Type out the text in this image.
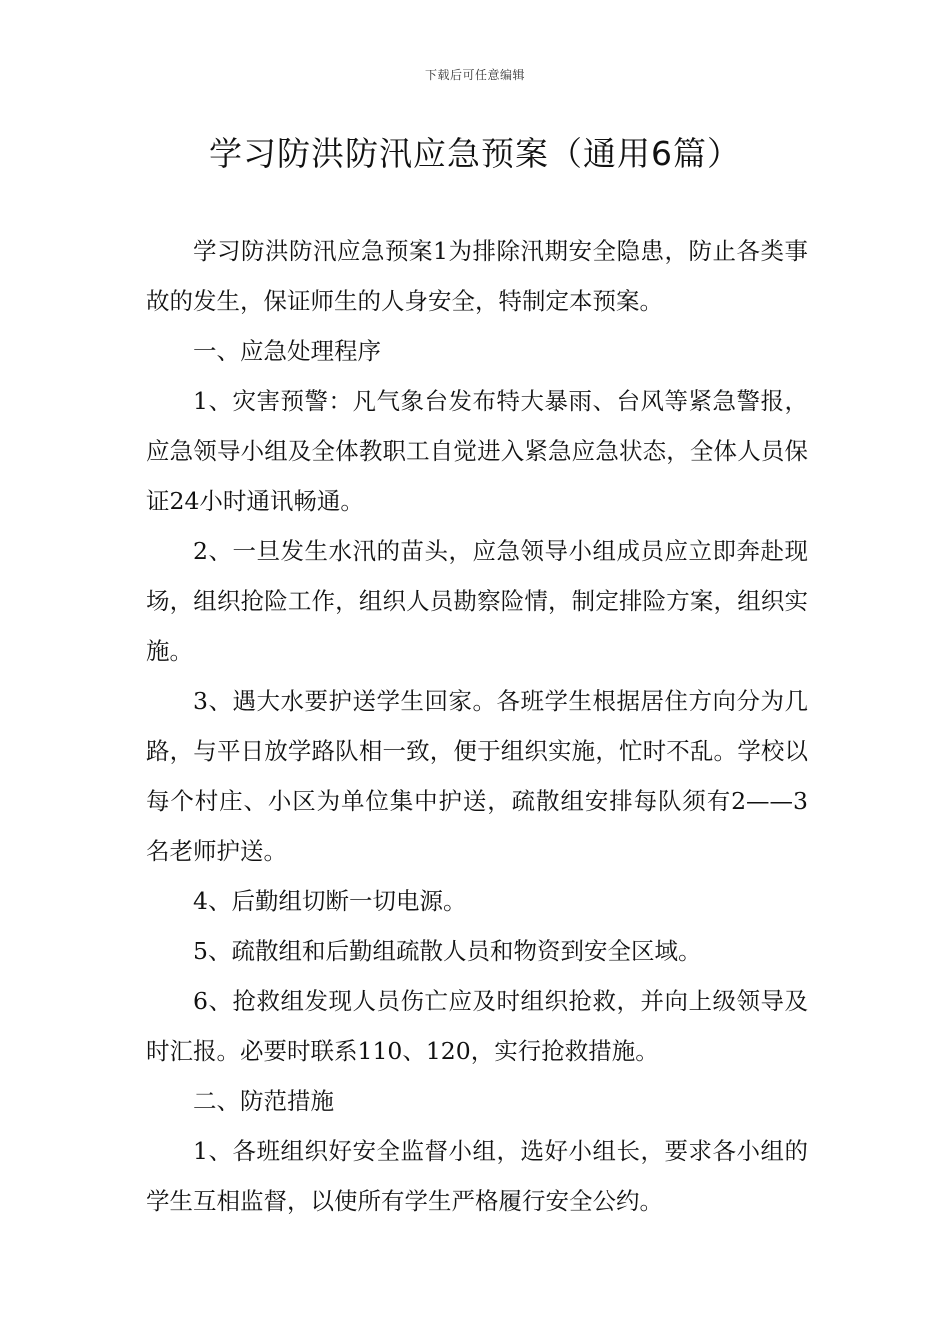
下载后可任意编辑
学习防洪防汛应急预案（通用6篇）

学习防洪防汛应急预案1为排除汛期安全隐患，防止各类事故的发生，保证师生的人身安全，特制定本预案。

一、应急处理程序

1、灾害预警：凡气象台发布特大暴雨、台风等紧急警报，应急领导小组及全体教职工自觉进入紧急应急状态，全体人员保证24小时通讯畅通。

2、一旦发生水汛的苗头，应急领导小组成员应立即奔赴现场，组织抢险工作，组织人员勘察险情，制定排险方案，组织实施。

3、遇大水要护送学生回家。各班学生根据居住方向分为几路，与平日放学路队相一致，便于组织实施，忙时不乱。学校以每个村庄、小区为单位集中护送，疏散组安排每队须有2——3名老师护送。

4、后勤组切断一切电源。

5、疏散组和后勤组疏散人员和物资到安全区域。

6、抢救组发现人员伤亡应及时组织抢救，并向上级领导及时汇报。必要时联系110、120，实行抢救措施。

二、防范措施

1、各班组织好安全监督小组，选好小组长，要求各小组的学生互相监督，以使所有学生严格履行安全公约。
